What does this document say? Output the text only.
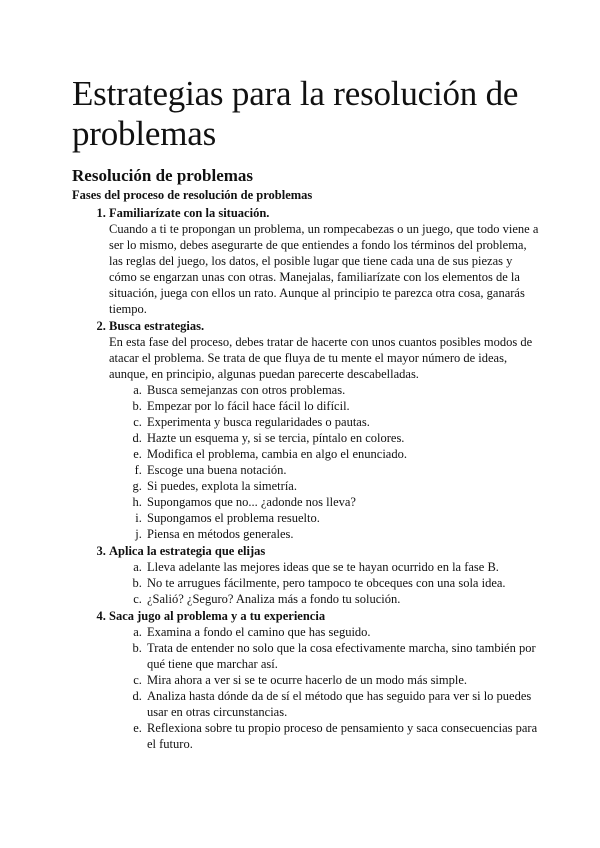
Estrategias para la resolución de problemas
Resolución de problemas
Fases del proceso de resolución de problemas
1. Familiarízate con la situación.
Cuando a ti te propongan un problema, un rompecabezas o un juego, que todo viene a ser lo mismo, debes asegurarte de que entiendes a fondo los términos del problema, las reglas del juego, los datos, el posible lugar que tiene cada una de sus piezas y cómo se engarzan unas con otras. Manejalas, familiarízate con los elementos de la situación, juega con ellos un rato. Aunque al principio te parezca otra cosa, ganarás tiempo.
2. Busca estrategias.
En esta fase del proceso, debes tratar de hacerte con unos cuantos posibles modos de atacar el problema. Se trata de que fluya de tu mente el mayor número de ideas, aunque, en principio, algunas puedan parecerte descabelladas.
a. Busca semejanzas con otros problemas.
b. Empezar por lo fácil hace fácil lo difícil.
c. Experimenta y busca regularidades o pautas.
d. Hazte un esquema y, si se tercia, píntalo en colores.
e. Modifica el problema, cambia en algo el enunciado.
f. Escoge una buena notación.
g. Si puedes, explota la simetría.
h. Supongamos que no... ¿adonde nos lleva?
i. Supongamos el problema resuelto.
j. Piensa en métodos generales.
3. Aplica la estrategia que elijas
a. Lleva adelante las mejores ideas que se te hayan ocurrido en la fase B.
b. No te arrugues fácilmente, pero tampoco te obceques con una sola idea.
c. ¿Salió? ¿Seguro? Analiza más a fondo tu solución.
4. Saca jugo al problema y a tu experiencia
a. Examina a fondo el camino que has seguido.
b. Trata de entender no solo que la cosa efectivamente marcha, sino también por qué tiene que marchar así.
c. Mira ahora a ver si se te ocurre hacerlo de un modo más simple.
d. Analiza hasta dónde da de sí el método que has seguido para ver si lo puedes usar en otras circunstancias.
e. Reflexiona sobre tu propio proceso de pensamiento y saca consecuencias para el futuro.
